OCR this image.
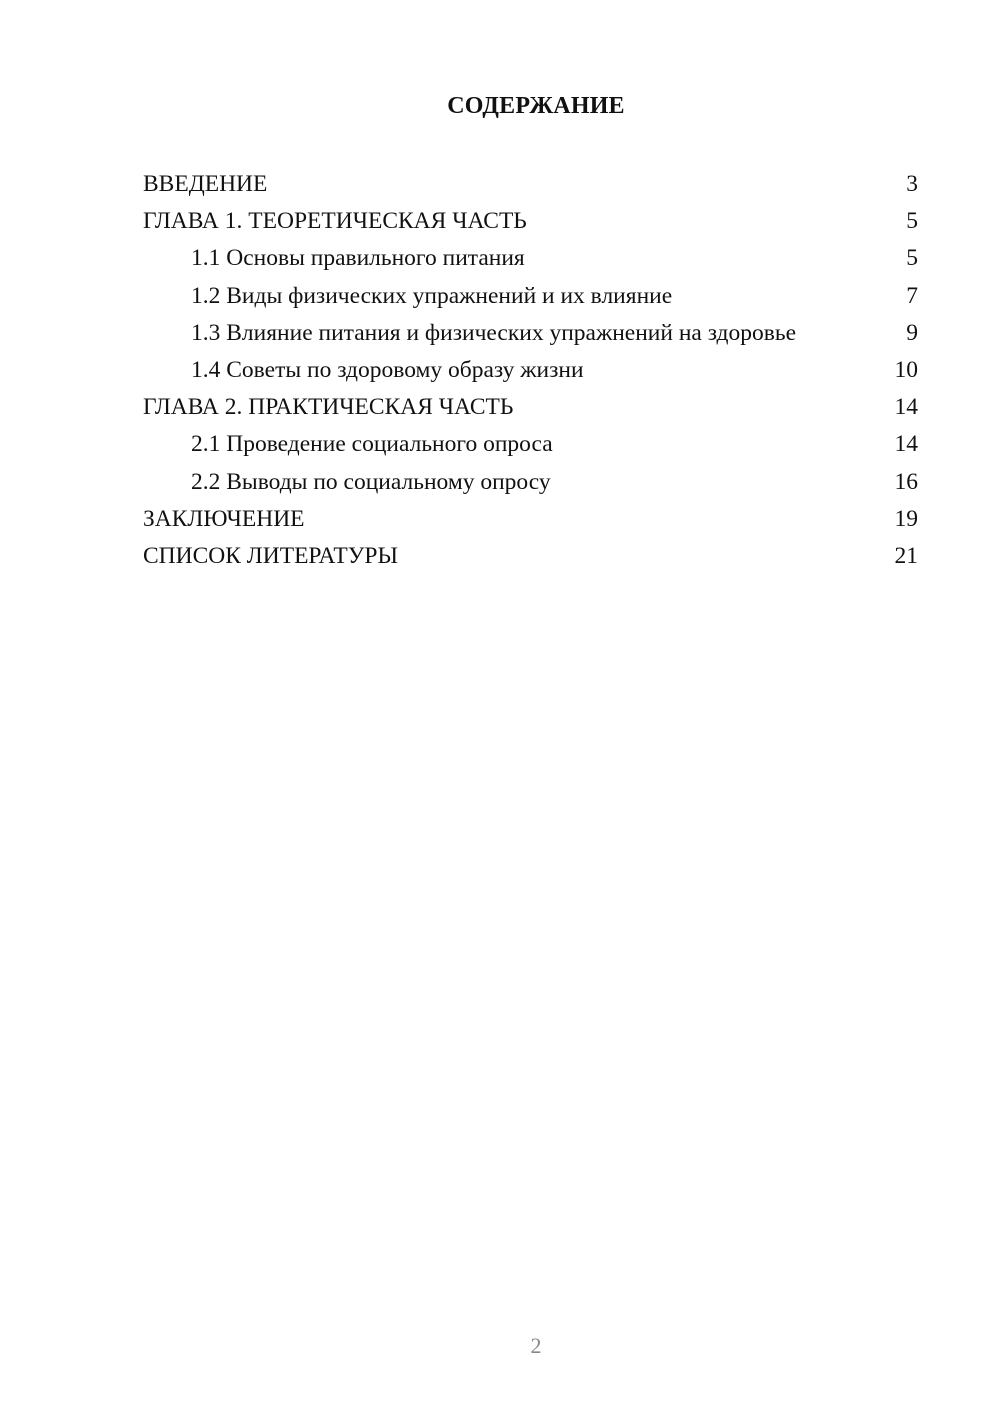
СОДЕРЖАНИЕ
ВВЕДЕНИЕ	3
ГЛАВА 1. ТЕОРЕТИЧЕСКАЯ ЧАСТЬ	5
1.1 Основы правильного питания	5
1.2 Виды физических упражнений и их влияние	7
1.3 Влияние питания и физических упражнений на здоровье	9
1.4 Советы по здоровому образу жизни	10
ГЛАВА 2. ПРАКТИЧЕСКАЯ ЧАСТЬ	14
2.1 Проведение социального опроса	14
2.2 Выводы по социальному опросу	16
ЗАКЛЮЧЕНИЕ	19
СПИСОК ЛИТЕРАТУРЫ	21
2
